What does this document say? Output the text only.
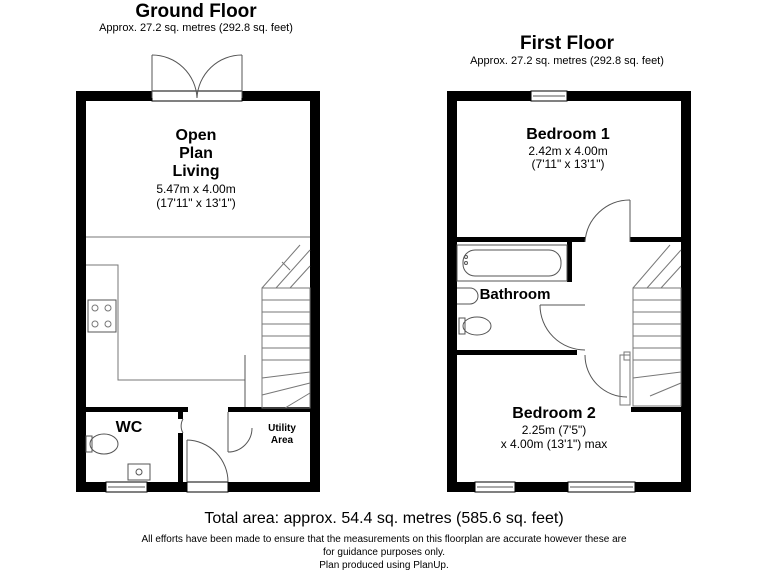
Ground Floor
Approx. 27.2 sq. metres (292.8 sq. feet)
First Floor
Approx. 27.2 sq. metres (292.8 sq. feet)
Open
Plan
Living
5.47m x 4.00m
(17'11" x 13'1")
WC	Utility
Area
Bedroom 1
2.42m x 4.00m
(7'11" x 13'1")
Bathroom
Bedroom 2
2.25m (7'5")
x 4.00m (13'1") max
Total area: approx. 54.4 sq. metres (585.6 sq. feet)
All efforts have been made to ensure that the measurements on this floorplan are accurate however these are
for guidance purposes only.
Plan produced using PlanUp.
